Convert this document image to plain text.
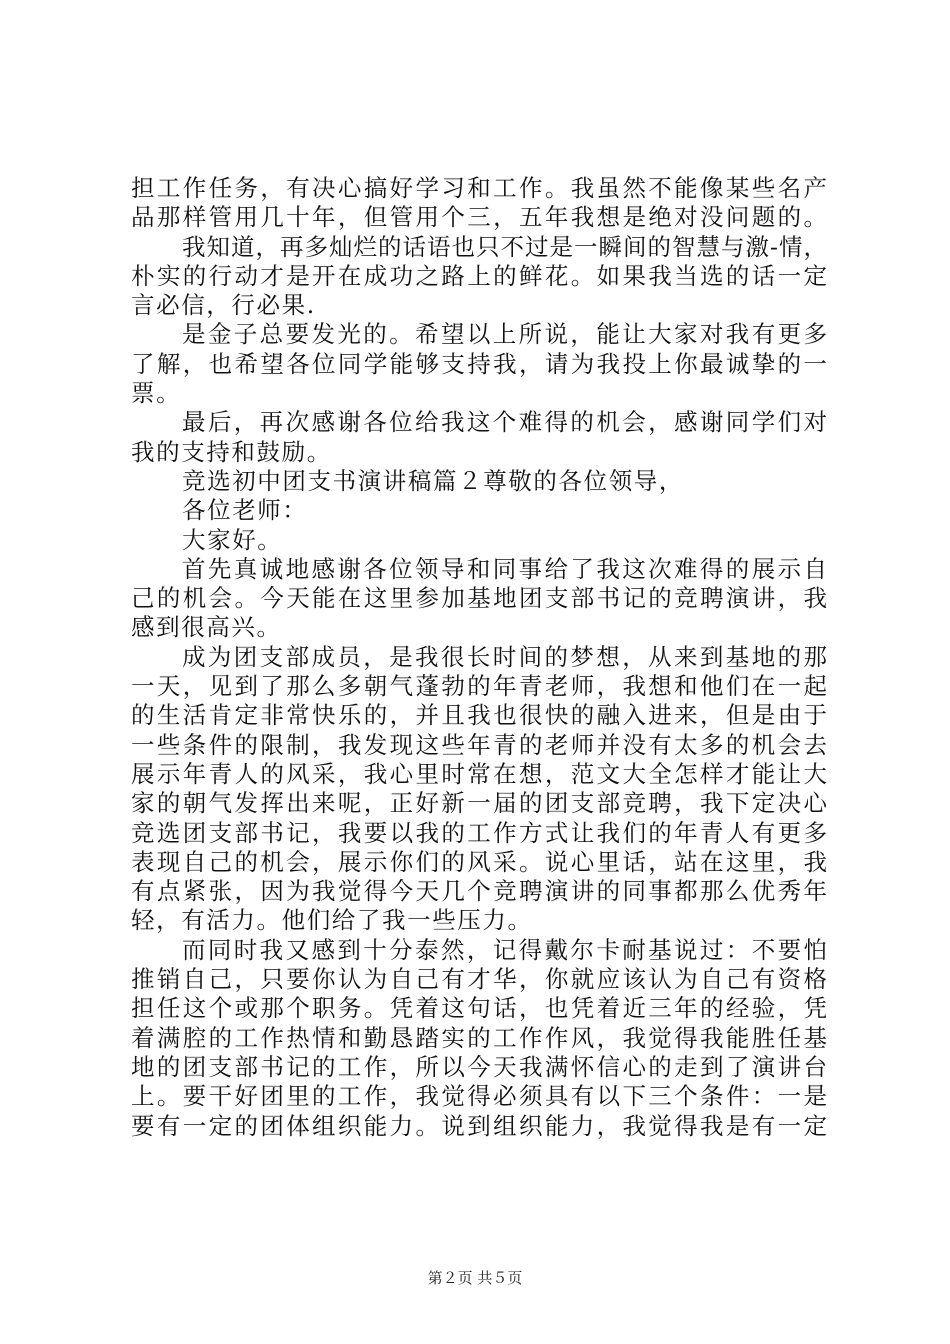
担工作任务，有决心搞好学习和工作。我虽然不能像某些名产
品那样管用几十年，但管用个三，五年我想是绝对没问题的。
我知道，再多灿烂的话语也只不过是一瞬间的智慧与激-情，
朴实的行动才是开在成功之路上的鲜花。如果我当选的话一定
言必信，行必果.
是金子总要发光的。希望以上所说，能让大家对我有更多
了解，也希望各位同学能够支持我，请为我投上你最诚挚的一
票。
最后，再次感谢各位给我这个难得的机会，感谢同学们对
我的支持和鼓励。
竞选初中团支书演讲稿篇２尊敬的各位领导，
各位老师：
大家好。
首先真诚地感谢各位领导和同事给了我这次难得的展示自
己的机会。今天能在这里参加基地团支部书记的竞聘演讲，我
感到很高兴。
成为团支部成员，是我很长时间的梦想，从来到基地的那
一天，见到了那么多朝气蓬勃的年青老师，我想和他们在一起
的生活肯定非常快乐的，并且我也很快的融入进来，但是由于
一些条件的限制，我发现这些年青的老师并没有太多的机会去
展示年青人的风采，我心里时常在想，范文大全怎样才能让大
家的朝气发挥出来呢，正好新一届的团支部竞聘，我下定决心
竞选团支部书记，我要以我的工作方式让我们的年青人有更多
表现自己的机会，展示你们的风采。说心里话，站在这里，我
有点紧张，因为我觉得今天几个竞聘演讲的同事都那么优秀年
轻，有活力。他们给了我一些压力。
而同时我又感到十分泰然，记得戴尔卡耐基说过：不要怕
推销自己，只要你认为自己有才华，你就应该认为自己有资格
担任这个或那个职务。凭着这句话，也凭着近三年的经验，凭
着满腔的工作热情和勤恳踏实的工作作风，我觉得我能胜任基
地的团支部书记的工作，所以今天我满怀信心的走到了演讲台
上。要干好团里的工作，我觉得必须具有以下三个条件：一是
要有一定的团体组织能力。说到组织能力，我觉得我是有一定
第２页 共５页
